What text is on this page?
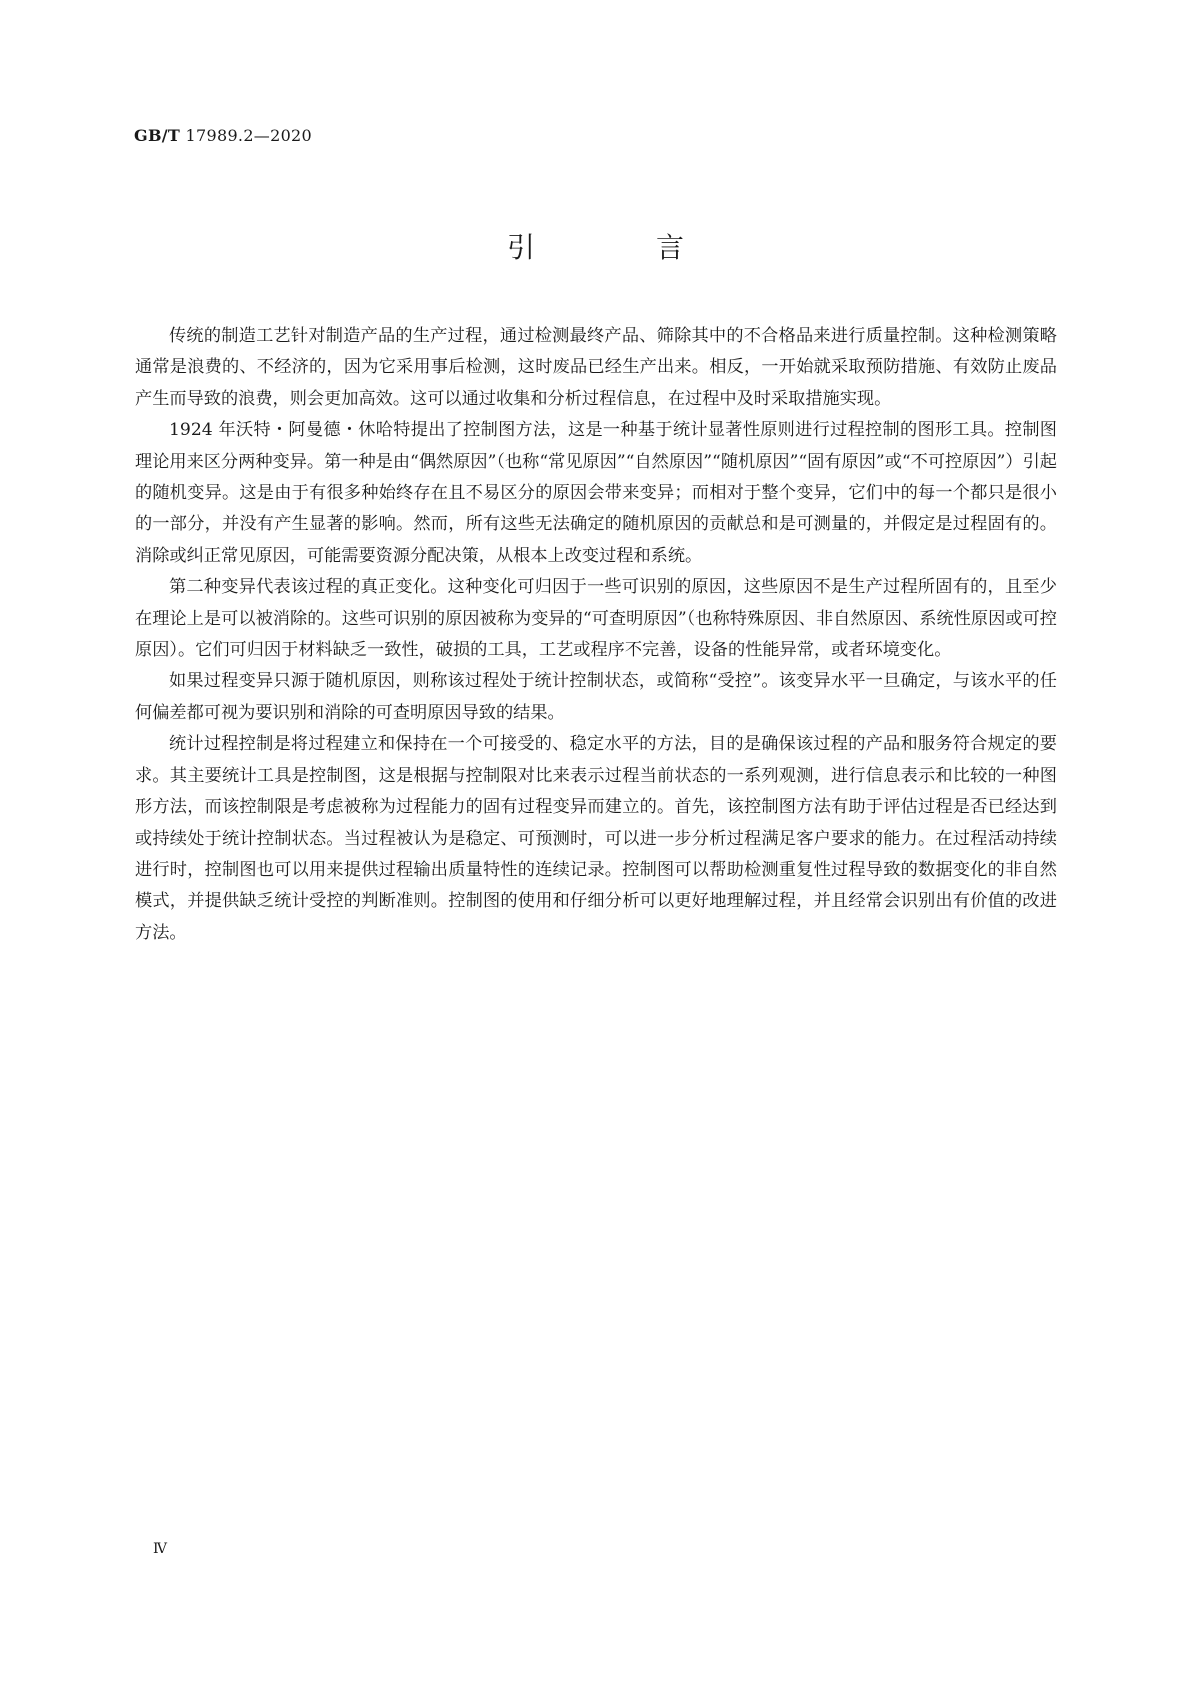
GB/T 17989.2—2020
引 言

传统的制造工艺针对制造产品的生产过程，通过检测最终产品、筛除其中的不合格品来进行质量控制。这种检测策略通常是浪费的、不经济的，因为它采用事后检测，这时废品已经生产出来。相反，一开始就采取预防措施、有效防止废品产生而导致的浪费，则会更加高效。这可以通过收集和分析过程信息，在过程中及时采取措施实现。

1924 年沃特・阿曼德・休哈特提出了控制图方法，这是一种基于统计显著性原则进行过程控制的图形工具。控制图理论用来区分两种变异。第一种是由“偶然原因”（也称“常见原因”“自然原因”“随机原因”“固有原因”或“不可控原因”）引起的随机变异。这是由于有很多种始终存在且不易区分的原因会带来变异；而相对于整个变异，它们中的每一个都只是很小的一部分，并没有产生显著的影响。然而，所有这些无法确定的随机原因的贡献总和是可测量的，并假定是过程固有的。消除或纠正常见原因，可能需要资源分配决策，从根本上改变过程和系统。

第二种变异代表该过程的真正变化。这种变化可归因于一些可识别的原因，这些原因不是生产过程所固有的，且至少在理论上是可以被消除的。这些可识别的原因被称为变异的“可查明原因”（也称特殊原因、非自然原因、系统性原因或可控原因）。它们可归因于材料缺乏一致性，破损的工具，工艺或程序不完善，设备的性能异常，或者环境变化。

如果过程变异只源于随机原因，则称该过程处于统计控制状态，或简称“受控”。该变异水平一旦确定，与该水平的任何偏差都可视为要识别和消除的可查明原因导致的结果。

统计过程控制是将过程建立和保持在一个可接受的、稳定水平的方法，目的是确保该过程的产品和服务符合规定的要求。其主要统计工具是控制图，这是根据与控制限对比来表示过程当前状态的一系列观测，进行信息表示和比较的一种图形方法，而该控制限是考虑被称为过程能力的固有过程变异而建立的。首先，该控制图方法有助于评估过程是否已经达到或持续处于统计控制状态。当过程被认为是稳定、可预测时，可以进一步分析过程满足客户要求的能力。在过程活动持续进行时，控制图也可以用来提供过程输出质量特性的连续记录。控制图可以帮助检测重复性过程导致的数据变化的非自然模式，并提供缺乏统计受控的判断准则。控制图的使用和仔细分析可以更好地理解过程，并且经常会识别出有价值的改进方法。

Ⅳ
